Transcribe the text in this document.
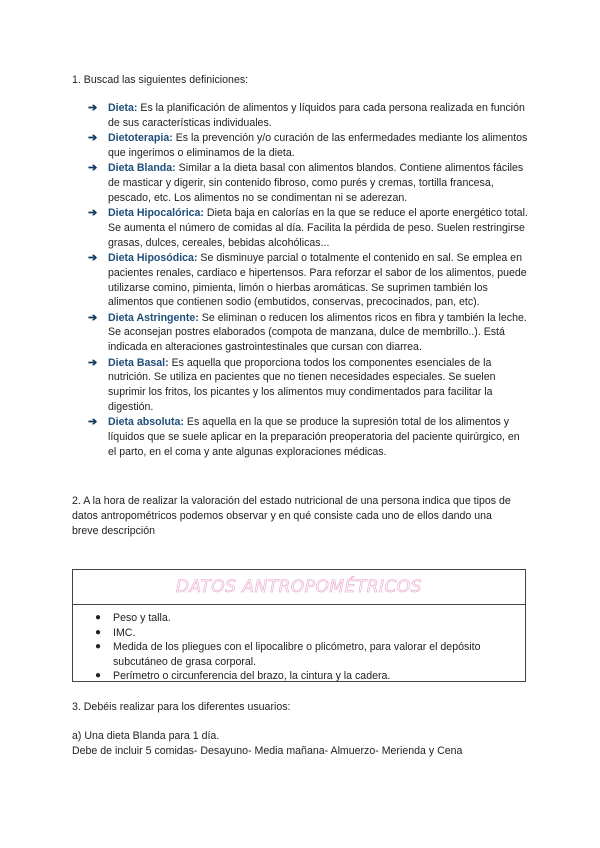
1. Buscad las siguientes definiciones:

➔ Dieta: Es la planificación de alimentos y líquidos para cada persona realizada en función de sus características individuales.
➔ Dietoterapia: Es la prevención y/o curación de las enfermedades mediante los alimentos que ingerimos o eliminamos de la dieta.
➔ Dieta Blanda: Similar a la dieta basal con alimentos blandos. Contiene alimentos fáciles de masticar y digerir, sin contenido fibroso, como purés y cremas, tortilla francesa, pescado, etc. Los alimentos no se condimentan ni se aderezan.
➔ Dieta Hipocalórica: Dieta baja en calorías en la que se reduce el aporte energético total. Se aumenta el número de comidas al día. Facilita la pérdida de peso. Suelen restringirse grasas, dulces, cereales, bebidas alcohólicas...
➔ Dieta Hiposódica: Se disminuye parcial o totalmente el contenido en sal. Se emplea en pacientes renales, cardiaco e hipertensos. Para reforzar el sabor de los alimentos, puede utilizarse comino, pimienta, limón o hierbas aromáticas. Se suprimen también los alimentos que contienen sodio (embutidos, conservas, precocinados, pan, etc).
➔ Dieta Astringente: Se eliminan o reducen los alimentos ricos en fibra y también la leche. Se aconsejan postres elaborados (compota de manzana, dulce de membrillo..). Está indicada en alteraciones gastrointestinales que cursan con diarrea.
➔ Dieta Basal: Es aquella que proporciona todos los componentes esenciales de la nutrición. Se utiliza en pacientes que no tienen necesidades especiales. Se suelen suprimir los fritos, los picantes y los alimentos muy condimentados para facilitar la digestión.
➔ Dieta absoluta: Es aquella en la que se produce la supresión total de los alimentos y líquidos que se suele aplicar en la preparación preoperatoria del paciente quirúrgico, en el parto, en el coma y ante algunas exploraciones médicas.

2. A la hora de realizar la valoración del estado nutricional de una persona indica que tipos de datos antropométricos podemos observar y en qué consiste cada uno de ellos dando una breve descripción

DATOS ANTROPOMÉTRICOS
● Peso y talla.
● IMC.
● Medida de los pliegues con el lipocalibre o plicómetro, para valorar el depósito subcutáneo de grasa corporal.
● Perímetro o circunferencia del brazo, la cintura y la cadera.

3. Debéis realizar para los diferentes usuarios:

a) Una dieta Blanda para 1 día.

Debe de incluir 5 comidas- Desayuno- Media mañana- Almuerzo- Merienda y Cena
